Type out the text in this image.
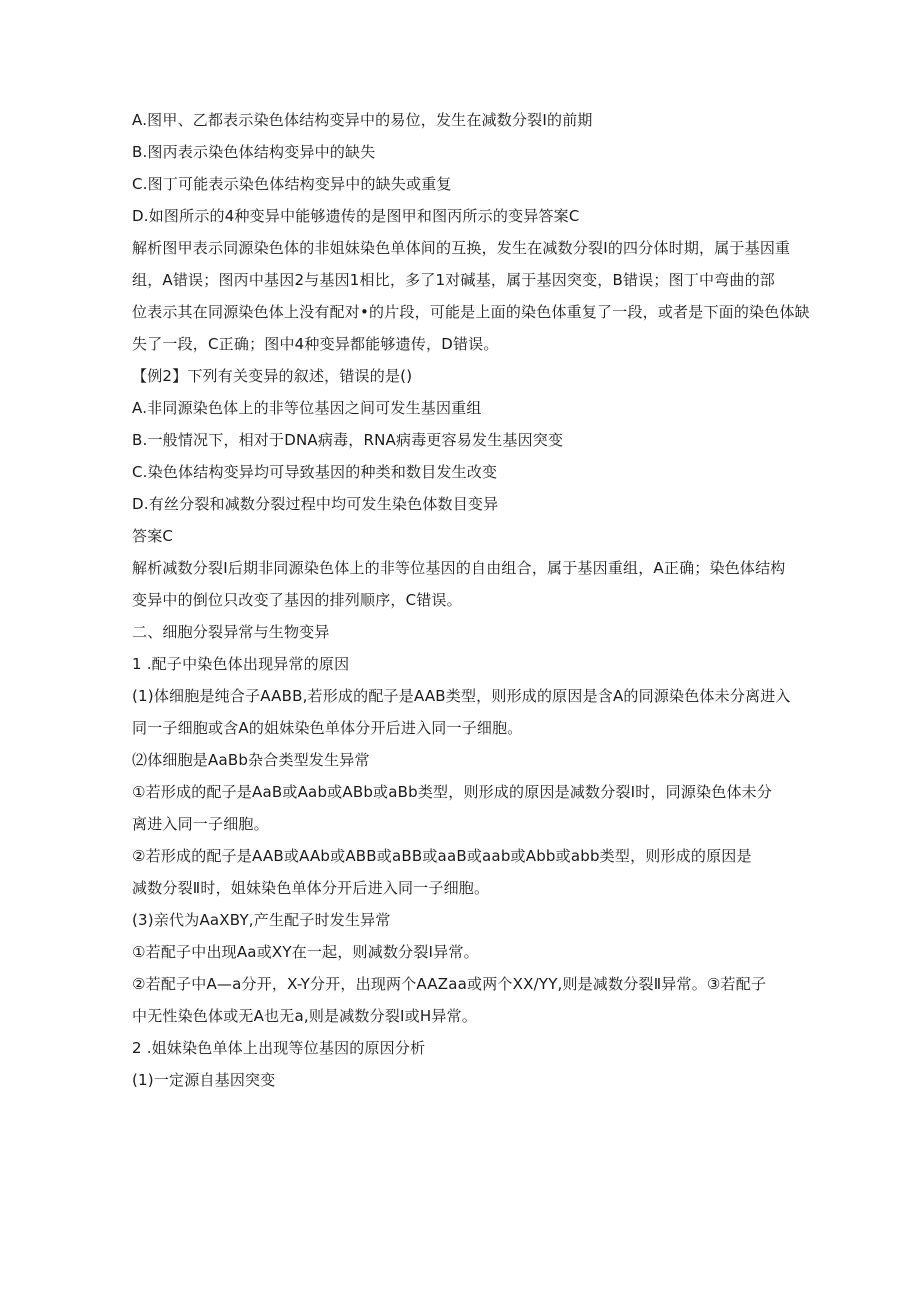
A.图甲、乙都表示染色体结构变异中的易位，发生在减数分裂Ⅰ的前期

B.图丙表示染色体结构变异中的缺失

C.图丁可能表示染色体结构变异中的缺失或重复

D.如图所示的4种变异中能够遗传的是图甲和图丙所示的变异答案C

解析图甲表示同源染色体的非姐妹染色单体间的互换，发生在减数分裂Ⅰ的四分体时期，属于基因重
组，A错误；图丙中基因2与基因1相比，多了1对碱基，属于基因突变，B错误；图丁中弯曲的部
位表示其在同源染色体上没有配对•的片段，可能是上面的染色体重复了一段，或者是下面的染色体缺
失了一段，C正确；图中4种变异都能够遗传，D错误。

【例2】下列有关变异的叙述，错误的是()

A.非同源染色体上的非等位基因之间可发生基因重组

B.一般情况下，相对于DNA病毒，RNA病毒更容易发生基因突变

C.染色体结构变异均可导致基因的种类和数目发生改变

D.有丝分裂和减数分裂过程中均可发生染色体数目变异

答案C

解析减数分裂Ⅰ后期非同源染色体上的非等位基因的自由组合，属于基因重组，A正确；染色体结构
变异中的倒位只改变了基因的排列顺序，C错误。

二、细胞分裂异常与生物变异

1 .配子中染色体出现异常的原因

(1)体细胞是纯合子AABB,若形成的配子是AAB类型，则形成的原因是含A的同源染色体未分离进入
同一子细胞或含A的姐妹染色单体分开后进入同一子细胞。

⑵体细胞是AaBb杂合类型发生异常

①若形成的配子是AaB或Aab或ABb或aBb类型，则形成的原因是减数分裂Ⅰ时，同源染色体未分
离进入同一子细胞。
②若形成的配子是AAB或AAb或ABB或aBB或aaB或aab或Abb或abb类型，则形成的原因是
减数分裂Ⅱ时，姐妹染色单体分开后进入同一子细胞。

(3)亲代为AaXBY,产生配子时发生异常

①若配子中出现Aa或XY在一起，则减数分裂Ⅰ异常。

②若配子中A—a分开，X-Y分开，出现两个AAZaa或两个XX/YY,则是减数分裂Ⅱ异常。③若配子
中无性染色体或无A也无a,则是减数分裂Ⅰ或H异常。

2 .姐妹染色单体上出现等位基因的原因分析

(1)一定源自基因突变
